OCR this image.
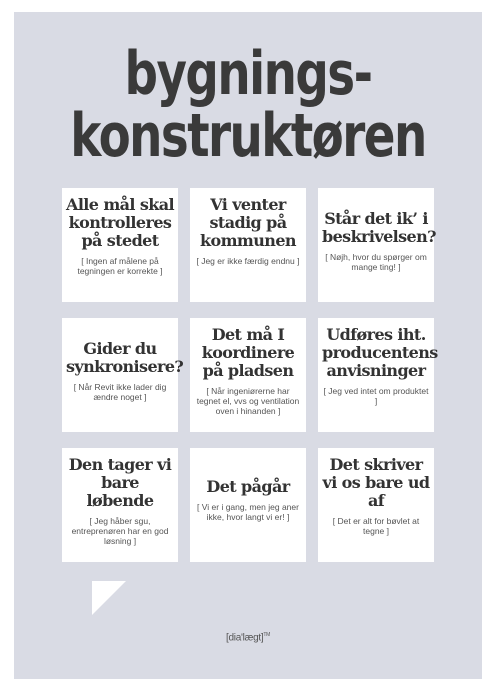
bygnings-
konstruktøren
Alle mål skal kontrolleres på stedet
[ Ingen af målene på tegningen er korrekte ]
Vi venter stadig på kommunen
[ Jeg er ikke færdig endnu ]
Står det ik’ i beskrivelsen?
[ Nøjh, hvor du spørger om mange ting! ]
Gider du synkronisere?
[ Når Revit ikke lader dig ændre noget ]
Det må I koordinere på pladsen
[ Når ingeniørerne har tegnet el, vvs og ventilation oven i hinanden ]
Udføres iht. producentens anvisninger
[ Jeg ved intet om produktet ]
Den tager vi bare løbende
[ Jeg håber sgu, entreprenøren har en god løsning ]
Det pågår
[ Vi er i gang, men jeg aner ikke, hvor langt vi er! ]
Det skriver vi os bare ud af
[ Det er alt for bøvlet at tegne ]
[dia'lægt]™
